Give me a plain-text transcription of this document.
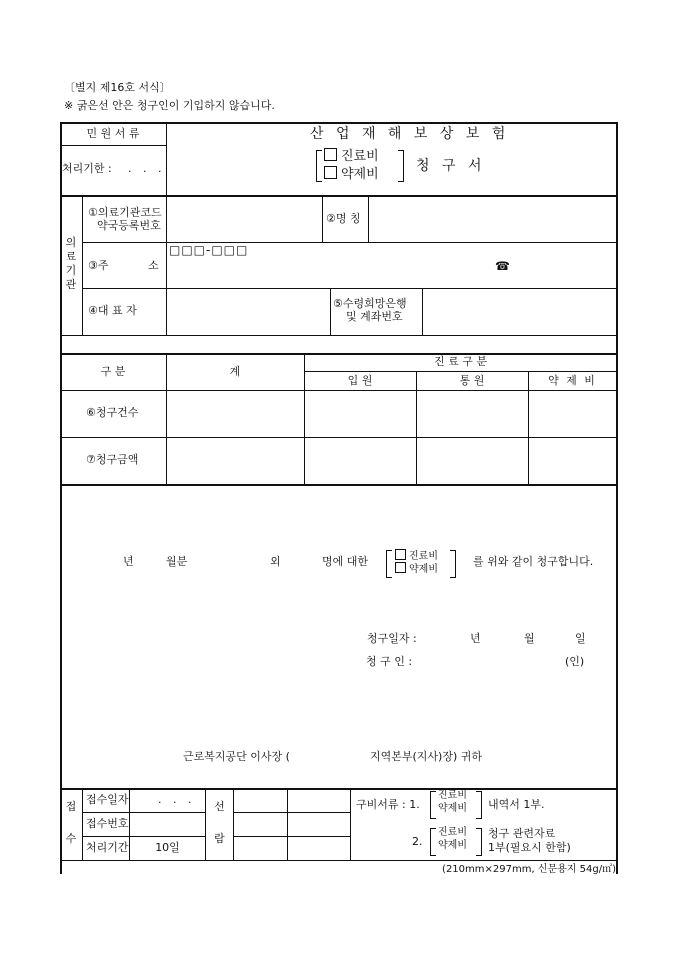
〔별지 제16호 서식〕
※ 굵은선 안은 청구인이 기입하지 않습니다.
민 원 서 류
처리기한 : . . .
산 업 재 해 보 상 보 험
진료비
약제비
청 구 서
의
료
기
관
①의료기관코드
약국등록번호
②명 칭
③주	소
□□□-□□□
☎
④대 표 자
⑤수령희망은행
및 계좌번호
구 분	계
진 료 구 분
입 원	통 원	약 제 비
⑥청구건수
⑦청구금액
년	월분	외	명에 대한	진료비
약제비
를 위와 같이 청구합니다.
청구일자 :	년	월	일
청 구 인 :	(인)
근로복지공단 이사장 (	지역본부(지사)장) 귀하
접
수
접수일자	. . .
접수번호
처리기간	10일
선
람
구비서류 : 1.
진료비
약제비 내역서 1부.
2.
진료비
약제비
청구 관련자료
1부(필요시 한함)
(210mm×297mm, 신문용지 54g/㎡)
